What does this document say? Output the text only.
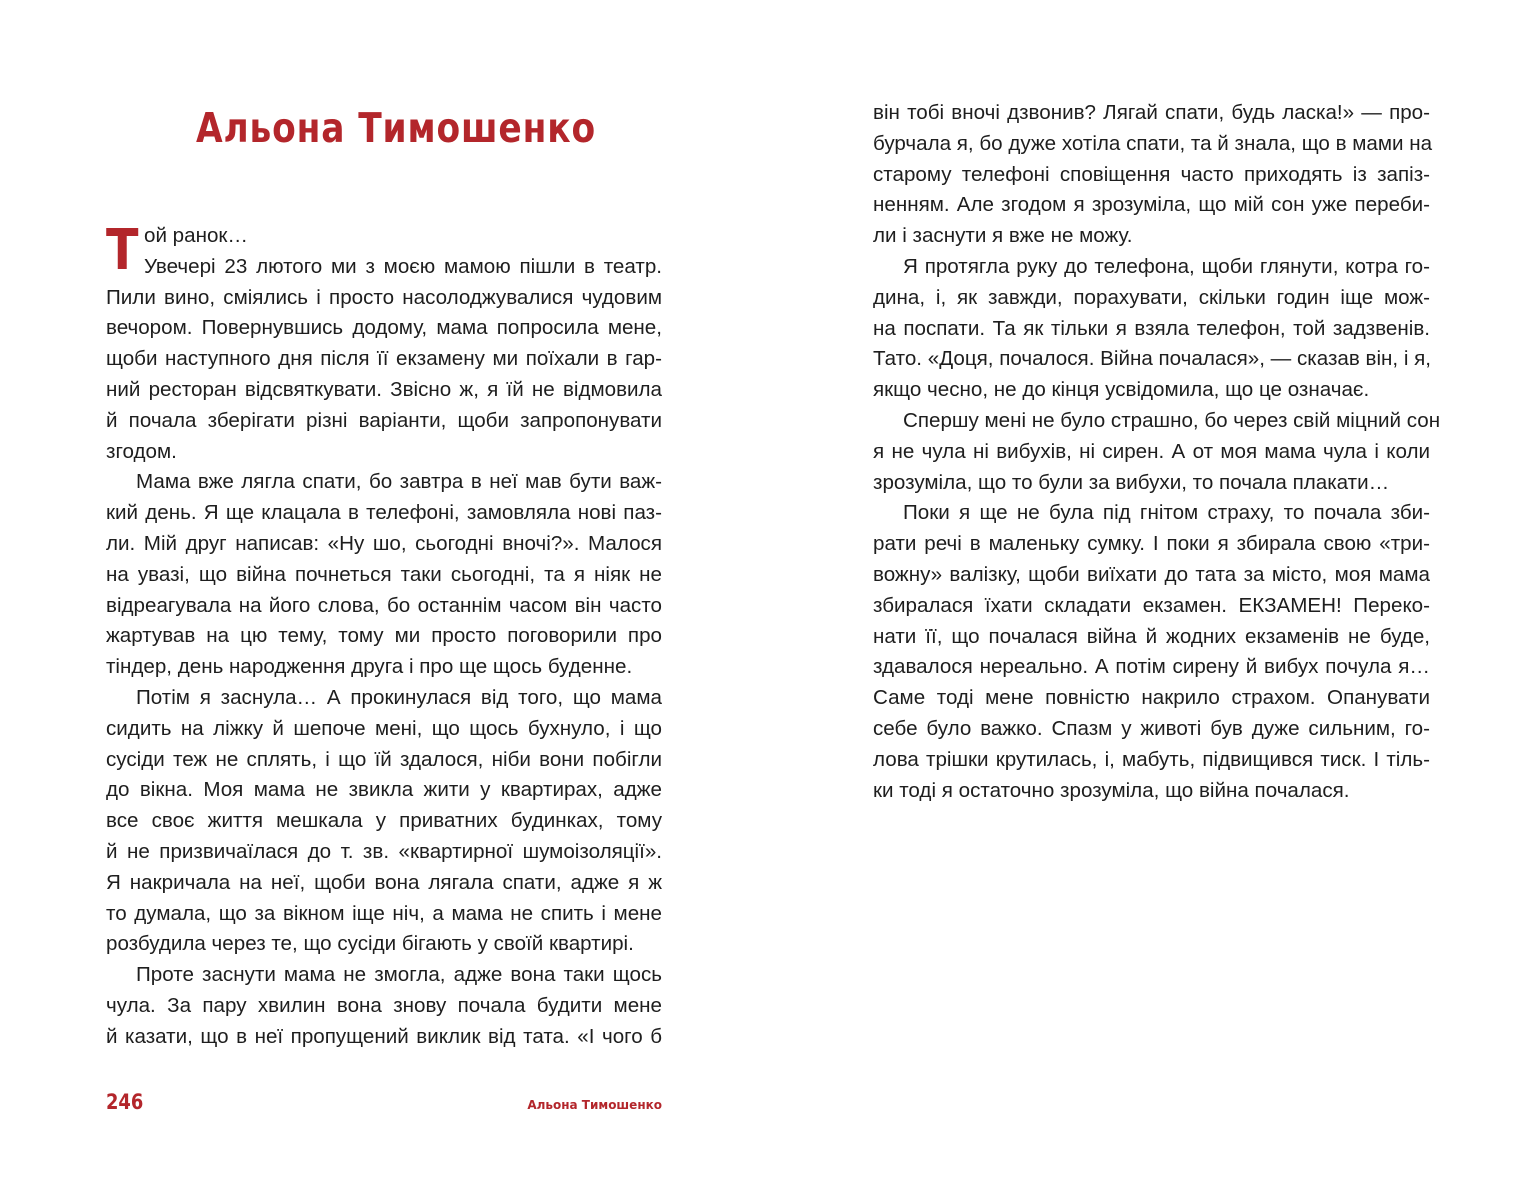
Альона Тимошенко
Т ой ранок…
Увечері 23 лютого ми з моєю мамою пішли в театр.
Пили вино, сміялись і просто насолоджувалися чудовим
вечором. Повернувшись додому, мама попросила мене,
щоби наступного дня після її екзамену ми поїхали в гар-
ний ресторан відсвяткувати. Звісно ж, я їй не відмовила
й почала зберігати різні варіанти, щоби запропонувати
згодом.
Мама вже лягла спати, бо завтра в неї мав бути важ-
кий день. Я ще клацала в телефоні, замовляла нові паз-
ли. Мій друг написав: «Ну шо, сьогодні вночі?». Малося
на увазі, що війна почнеться таки сьогодні, та я ніяк не
відреагувала на його слова, бо останнім часом він часто
жартував на цю тему, тому ми просто поговорили про
тіндер, день народження друга і про ще щось буденне.
Потім я заснула… А прокинулася від того, що мама
сидить на ліжку й шепоче мені, що щось бухнуло, і що
сусіди теж не сплять, і що їй здалося, ніби вони побігли
до вікна. Моя мама не звикла жити у квартирах, адже
все своє життя мешкала у приватних будинках, тому
й не призвичаїлася до т. зв. «квартирної шумоізоляції».
Я накричала на неї, щоби вона лягала спати, адже я ж
то думала, що за вікном іще ніч, а мама не спить і мене
розбудила через те, що сусіди бігають у своїй квартирі.
Проте заснути мама не змогла, адже вона таки щось
чула. За пару хвилин вона знову почала будити мене
й казати, що в неї пропущений виклик від тата. «І чого б
він тобі вночі дзвонив? Лягай спати, будь ласка!» — про-
бурчала я, бо дуже хотіла спати, та й знала, що в мами на
старому телефоні сповіщення часто приходять із запіз-
ненням. Але згодом я зрозуміла, що мій сон уже переби-
ли і заснути я вже не можу.
Я протягла руку до телефона, щоби глянути, котра го-
дина, і, як завжди, порахувати, скільки годин іще мож-
на поспати. Та як тільки я взяла телефон, той задзвенів.
Тато. «Доця, почалося. Війна почалася», — сказав він, і я,
якщо чесно, не до кінця усвідомила, що це означає.
Спершу мені не було страшно, бо через свій міцний сон
я не чула ні вибухів, ні сирен. А от моя мама чула і коли
зрозуміла, що то були за вибухи, то почала плакати…
Поки я ще не була під гнітом страху, то почала зби-
рати речі в маленьку сумку. І поки я збирала свою «три-
вожну» валізку, щоби виїхати до тата за місто, моя мама
збиралася їхати складати екзамен. ЕКЗАМЕН! Переко-
нати її, що почалася війна й жодних екзаменів не буде,
здавалося нереально. А потім сирену й вибух почула я…
Саме тоді мене повністю накрило страхом. Опанувати
себе було важко. Спазм у животі був дуже сильним, го-
лова трішки крутилась, і, мабуть, підвищився тиск. І тіль-
ки тоді я остаточно зрозуміла, що війна почалася.
246	Альона Тимошенко
